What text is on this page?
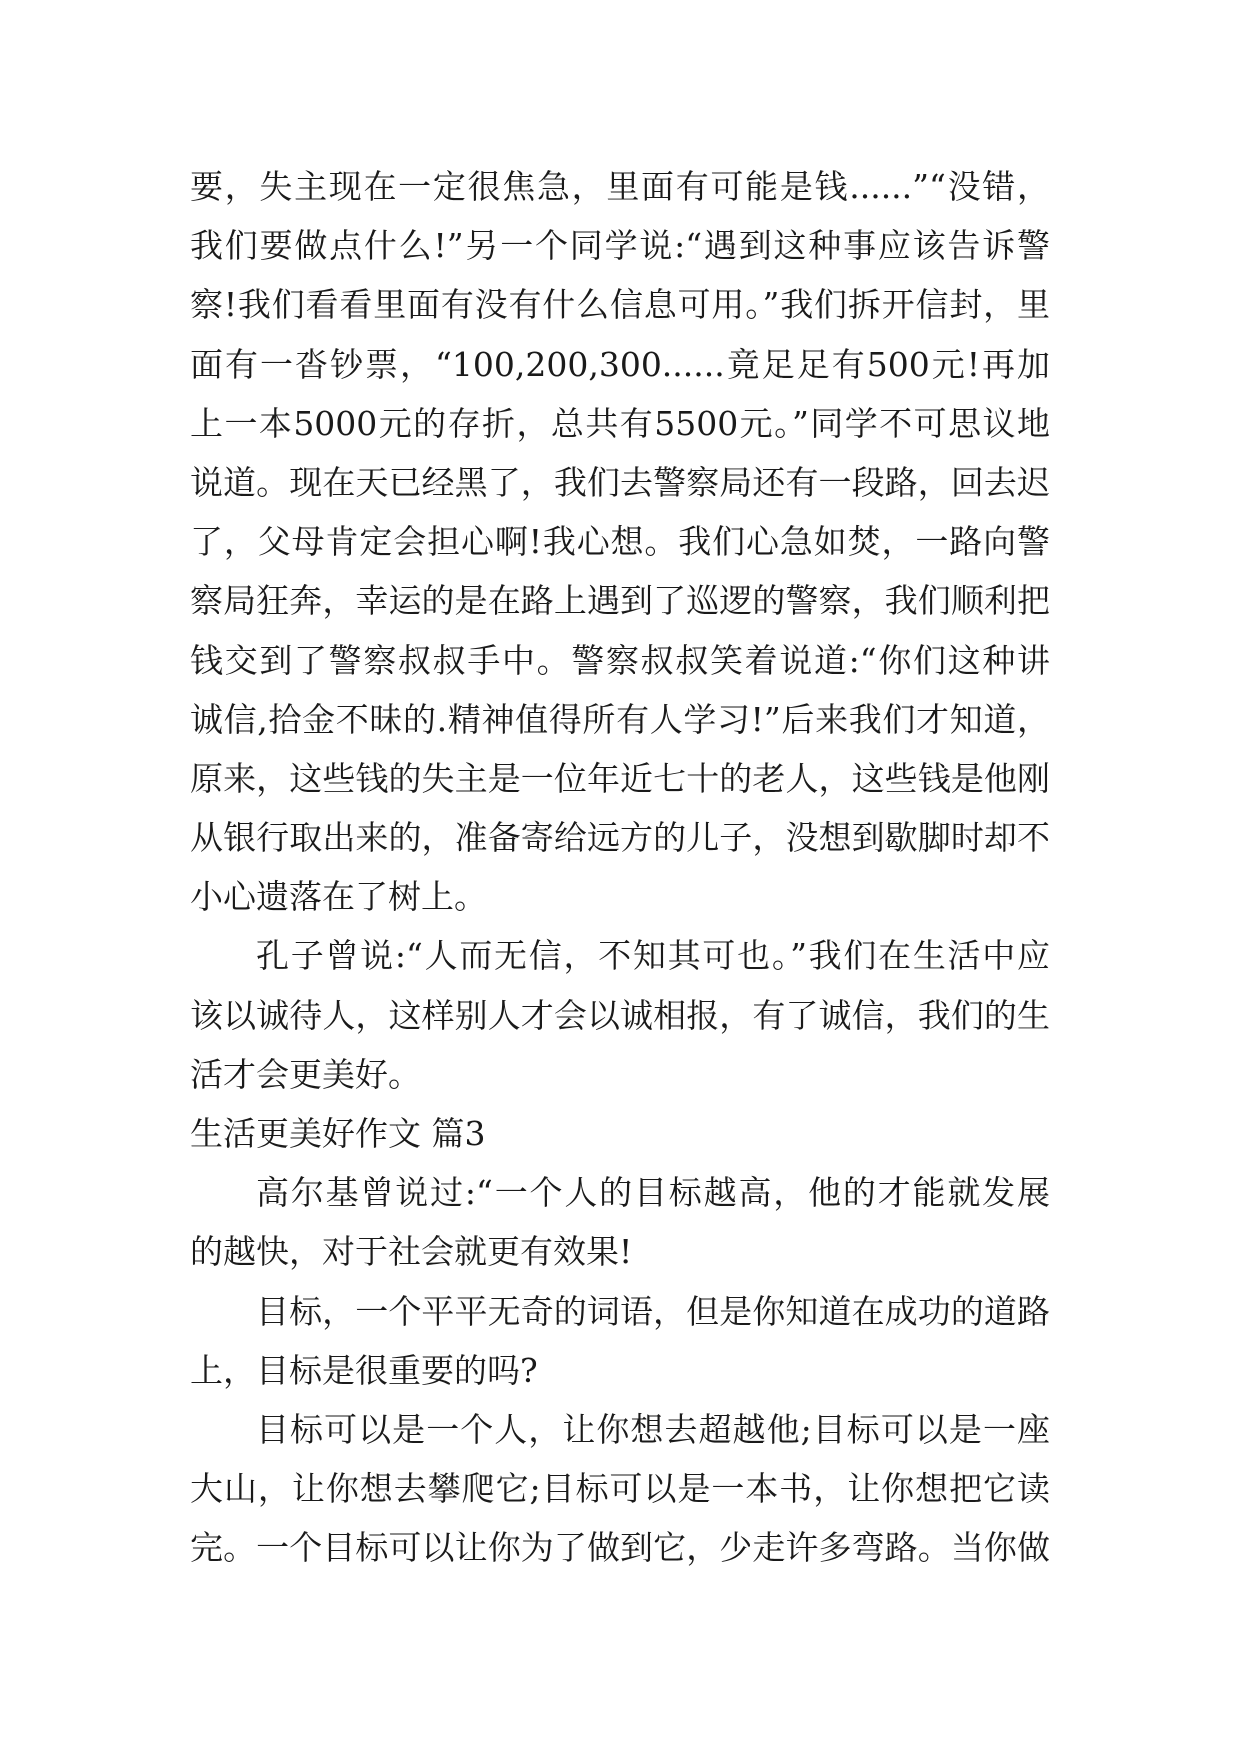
要，失主现在一定很焦急，里面有可能是钱......”“没错，
我们要做点什么!”另一个同学说:“遇到这种事应该告诉警
察!我们看看里面有没有什么信息可用。”我们拆开信封，里
面有一沓钞票，“100,200,300......竟足足有500元!再加
上一本5000元的存折，总共有5500元。”同学不可思议地
说道。现在天已经黑了，我们去警察局还有一段路，回去迟
了，父母肯定会担心啊!我心想。我们心急如焚，一路向警
察局狂奔，幸运的是在路上遇到了巡逻的警察，我们顺利把
钱交到了警察叔叔手中。警察叔叔笑着说道:“你们这种讲
诚信,拾金不昧的.精神值得所有人学习!”后来我们才知道，
原来，这些钱的失主是一位年近七十的老人，这些钱是他刚
从银行取出来的，准备寄给远方的儿子，没想到歇脚时却不
小心遗落在了树上。
孔子曾说:“人而无信，不知其可也。”我们在生活中应
该以诚待人，这样别人才会以诚相报，有了诚信，我们的生
活才会更美好。
生活更美好作文 篇3
高尔基曾说过:“一个人的目标越高，他的才能就发展
的越快，对于社会就更有效果!
目标，一个平平无奇的词语，但是你知道在成功的道路
上，目标是很重要的吗?
目标可以是一个人，让你想去超越他;目标可以是一座
大山，让你想去攀爬它;目标可以是一本书，让你想把它读
完。一个目标可以让你为了做到它，少走许多弯路。当你做
